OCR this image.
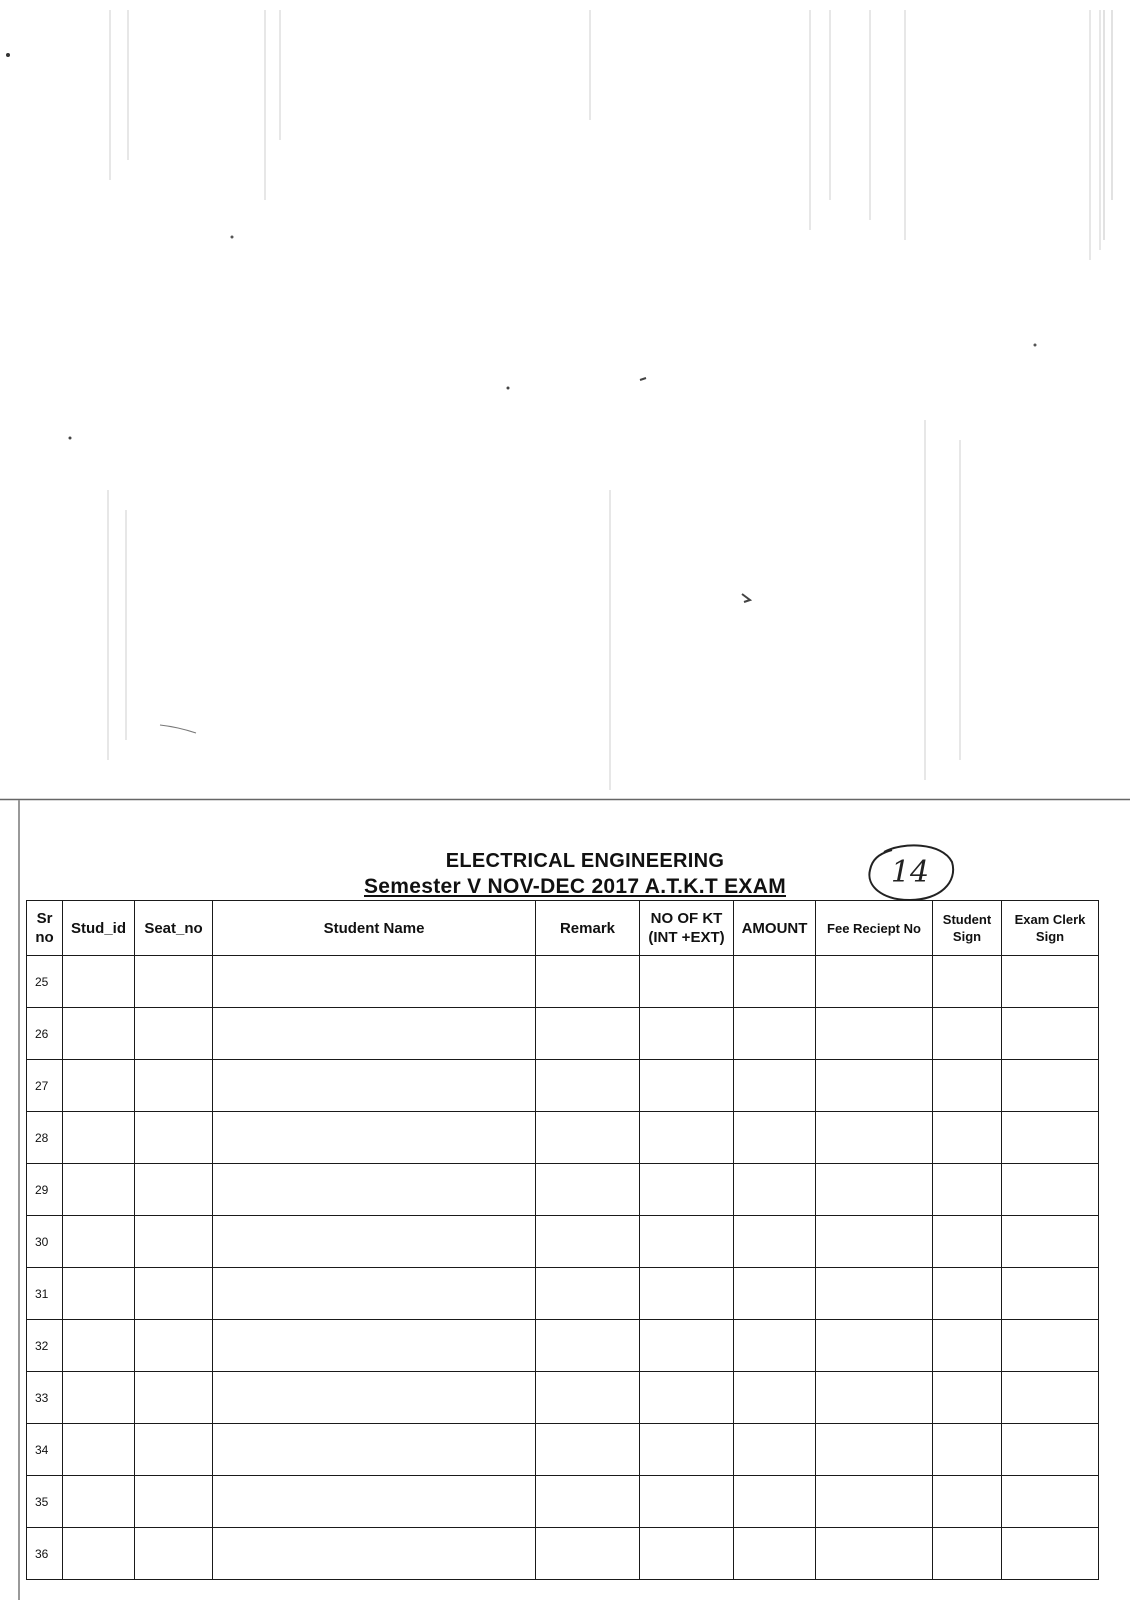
ELECTRICAL ENGINEERING
Semester V NOV-DEC 2017 A.T.K.T EXAM	14
Sr no	Stud_id	Seat_no	Student Name	Remark	NO OF KT (INT +EXT)	AMOUNT	Fee Reciept No	Student Sign	Exam Clerk Sign
25									
26									
27									
28									
29									
30									
31									
32									
33									
34									
35									
36									
